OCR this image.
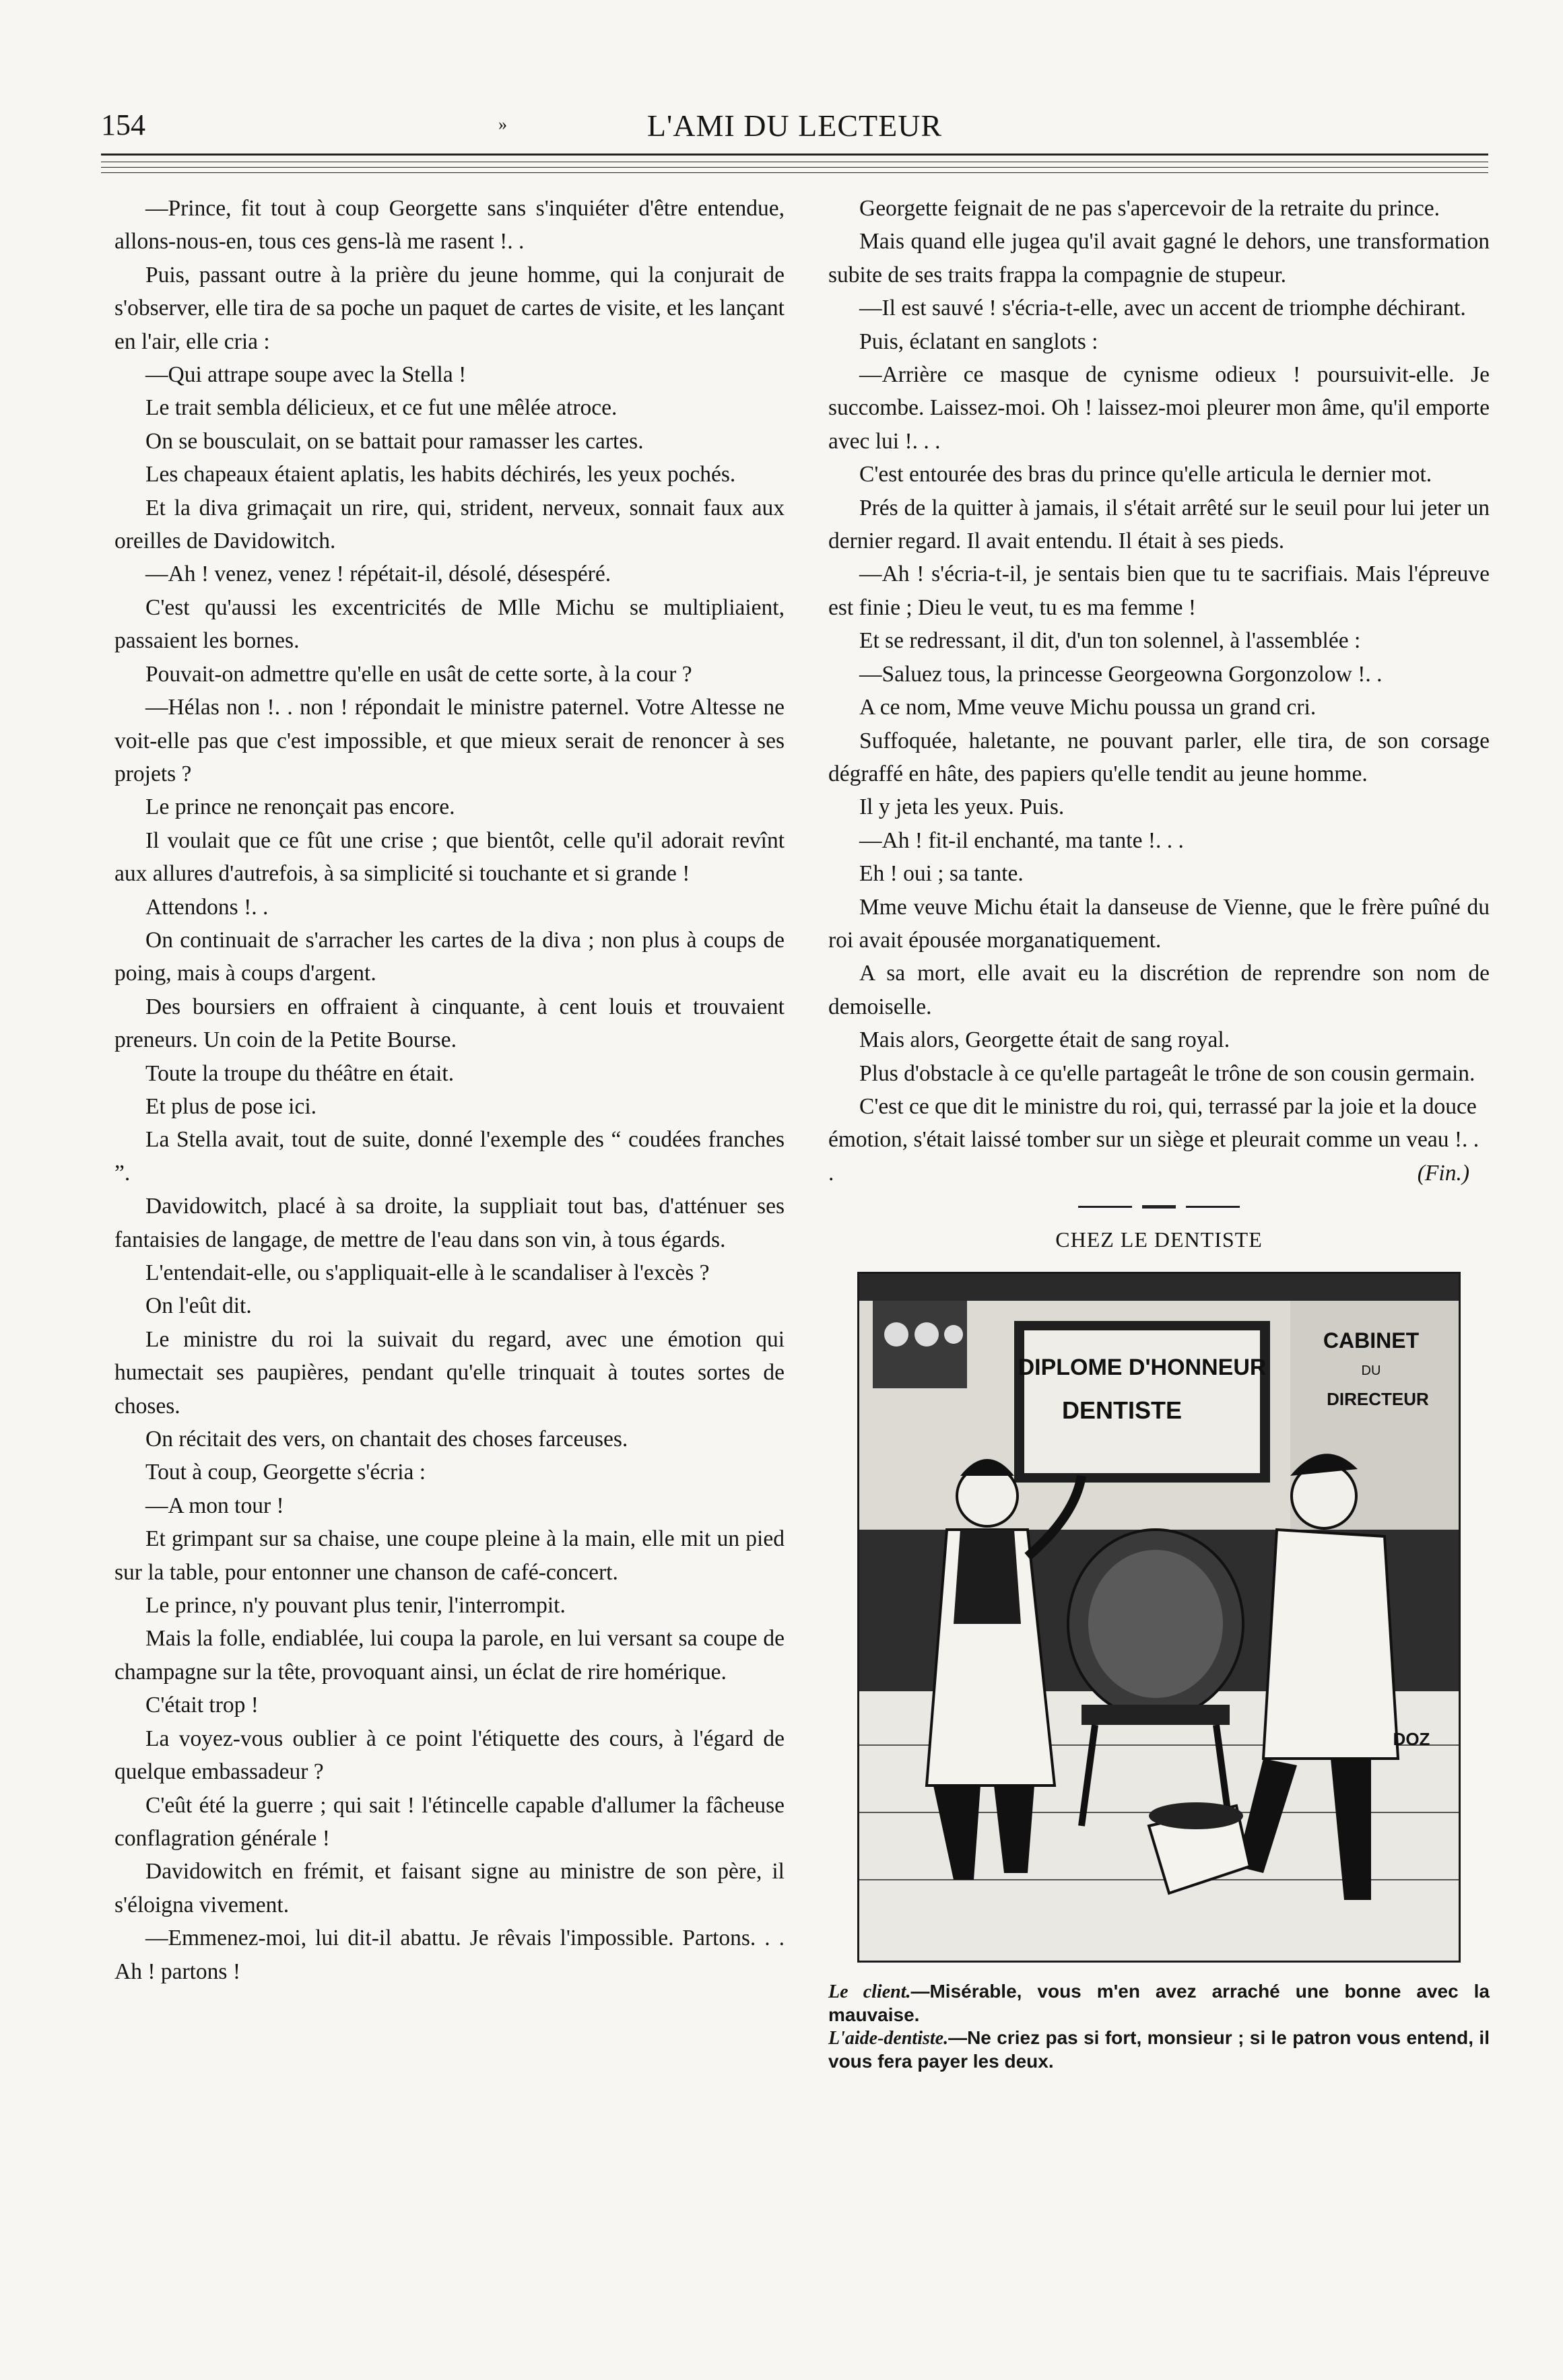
154	»	L'AMI DU LECTEUR

—Prince, fit tout à coup Georgette sans s'inquiéter d'être entendue, allons-nous-en, tous ces gens-là me rasent !. .

Puis, passant outre à la prière du jeune homme, qui la conjurait de s'observer, elle tira de sa poche un paquet de cartes de visite, et les lançant en l'air, elle cria :

—Qui attrape soupe avec la Stella !

Le trait sembla délicieux, et ce fut une mêlée atroce.

On se bousculait, on se battait pour ramasser les cartes.

Les chapeaux étaient aplatis, les habits déchirés, les yeux pochés.

Et la diva grimaçait un rire, qui, strident, nerveux, sonnait faux aux oreilles de Davidowitch.

—Ah ! venez, venez ! répétait-il, désolé, désespéré.

C'est qu'aussi les excentricités de Mlle Michu se multipliaient, passaient les bornes.

Pouvait-on admettre qu'elle en usât de cette sorte, à la cour ?

—Hélas non !. . non ! répondait le ministre paternel. Votre Altesse ne voit-elle pas que c'est impossible, et que mieux serait de renoncer à ses projets ?

Le prince ne renonçait pas encore.

Il voulait que ce fût une crise ; que bientôt, celle qu'il adorait revînt aux allures d'autrefois, à sa simplicité si touchante et si grande !

Attendons !. .

On continuait de s'arracher les cartes de la diva ; non plus à coups de poing, mais à coups d'argent.

Des boursiers en offraient à cinquante, à cent louis et trouvaient preneurs. Un coin de la Petite Bourse.

Toute la troupe du théâtre en était.

Et plus de pose ici.

La Stella avait, tout de suite, donné l'exemple des “ coudées franches ”.

Davidowitch, placé à sa droite, la suppliait tout bas, d'atténuer ses fantaisies de langage, de mettre de l'eau dans son vin, à tous égards.

L'entendait-elle, ou s'appliquait-elle à le scandaliser à l'excès ?

On l'eût dit.

Le ministre du roi la suivait du regard, avec une émotion qui humectait ses paupières, pendant qu'elle trinquait à toutes sortes de choses.

On récitait des vers, on chantait des choses farceuses.

Tout à coup, Georgette s'écria :

—A mon tour !

Et grimpant sur sa chaise, une coupe pleine à la main, elle mit un pied sur la table, pour entonner une chanson de café-concert.

Le prince, n'y pouvant plus tenir, l'interrompit.

Mais la folle, endiablée, lui coupa la parole, en lui versant sa coupe de champagne sur la tête, provoquant ainsi, un éclat de rire homérique.

C'était trop !

La voyez-vous oublier à ce point l'étiquette des cours, à l'égard de quelque embassadeur ?

C'eût été la guerre ; qui sait ! l'étincelle capable d'allumer la fâcheuse conflagration générale !

Davidowitch en frémit, et faisant signe au ministre de son père, il s'éloigna vivement.

—Emmenez-moi, lui dit-il abattu. Je rêvais l'impossible. Partons. . . Ah ! partons !

Georgette feignait de ne pas s'apercevoir de la retraite du prince.

Mais quand elle jugea qu'il avait gagné le dehors, une transformation subite de ses traits frappa la compagnie de stupeur.

—Il est sauvé ! s'écria-t-elle, avec un accent de triomphe déchirant.

Puis, éclatant en sanglots :

—Arrière ce masque de cynisme odieux ! poursuivit-elle. Je succombe. Laissez-moi. Oh ! laissez-moi pleurer mon âme, qu'il emporte avec lui !. . .

C'est entourée des bras du prince qu'elle articula le dernier mot.

Prés de la quitter à jamais, il s'était arrêté sur le seuil pour lui jeter un dernier regard. Il avait entendu. Il était à ses pieds.

—Ah ! s'écria-t-il, je sentais bien que tu te sacrifiais. Mais l'épreuve est finie ; Dieu le veut, tu es ma femme !

Et se redressant, il dit, d'un ton solennel, à l'assemblée :

—Saluez tous, la princesse Georgeowna Gorgonzolow !. .

A ce nom, Mme veuve Michu poussa un grand cri.

Suffoquée, haletante, ne pouvant parler, elle tira, de son corsage dégraffé en hâte, des papiers qu'elle tendit au jeune homme.

Il y jeta les yeux. Puis.

—Ah ! fit-il enchanté, ma tante !. . .

Eh ! oui ; sa tante.

Mme veuve Michu était la danseuse de Vienne, que le frère puîné du roi avait épousée morganatiquement.

A sa mort, elle avait eu la discrétion de reprendre son nom de demoiselle.

Mais alors, Georgette était de sang royal.

Plus d'obstacle à ce qu'elle partageât le trône de son cousin germain.

C'est ce que dit le ministre du roi, qui, terrassé par la joie et la douce émotion, s'était laissé tomber sur un siège et pleurait comme un veau !. . .	(Fin.)

CHEZ LE DENTISTE
DIPLOME D'HONNEUR
DENTISTE
CABINET
DU
DIRECTEUR
DOZ

Le client.—Misérable, vous m'en avez arraché une bonne avec la mauvaise.

L'aide-dentiste.—Ne criez pas si fort, monsieur ; si le patron vous entend, il vous fera payer les deux.
